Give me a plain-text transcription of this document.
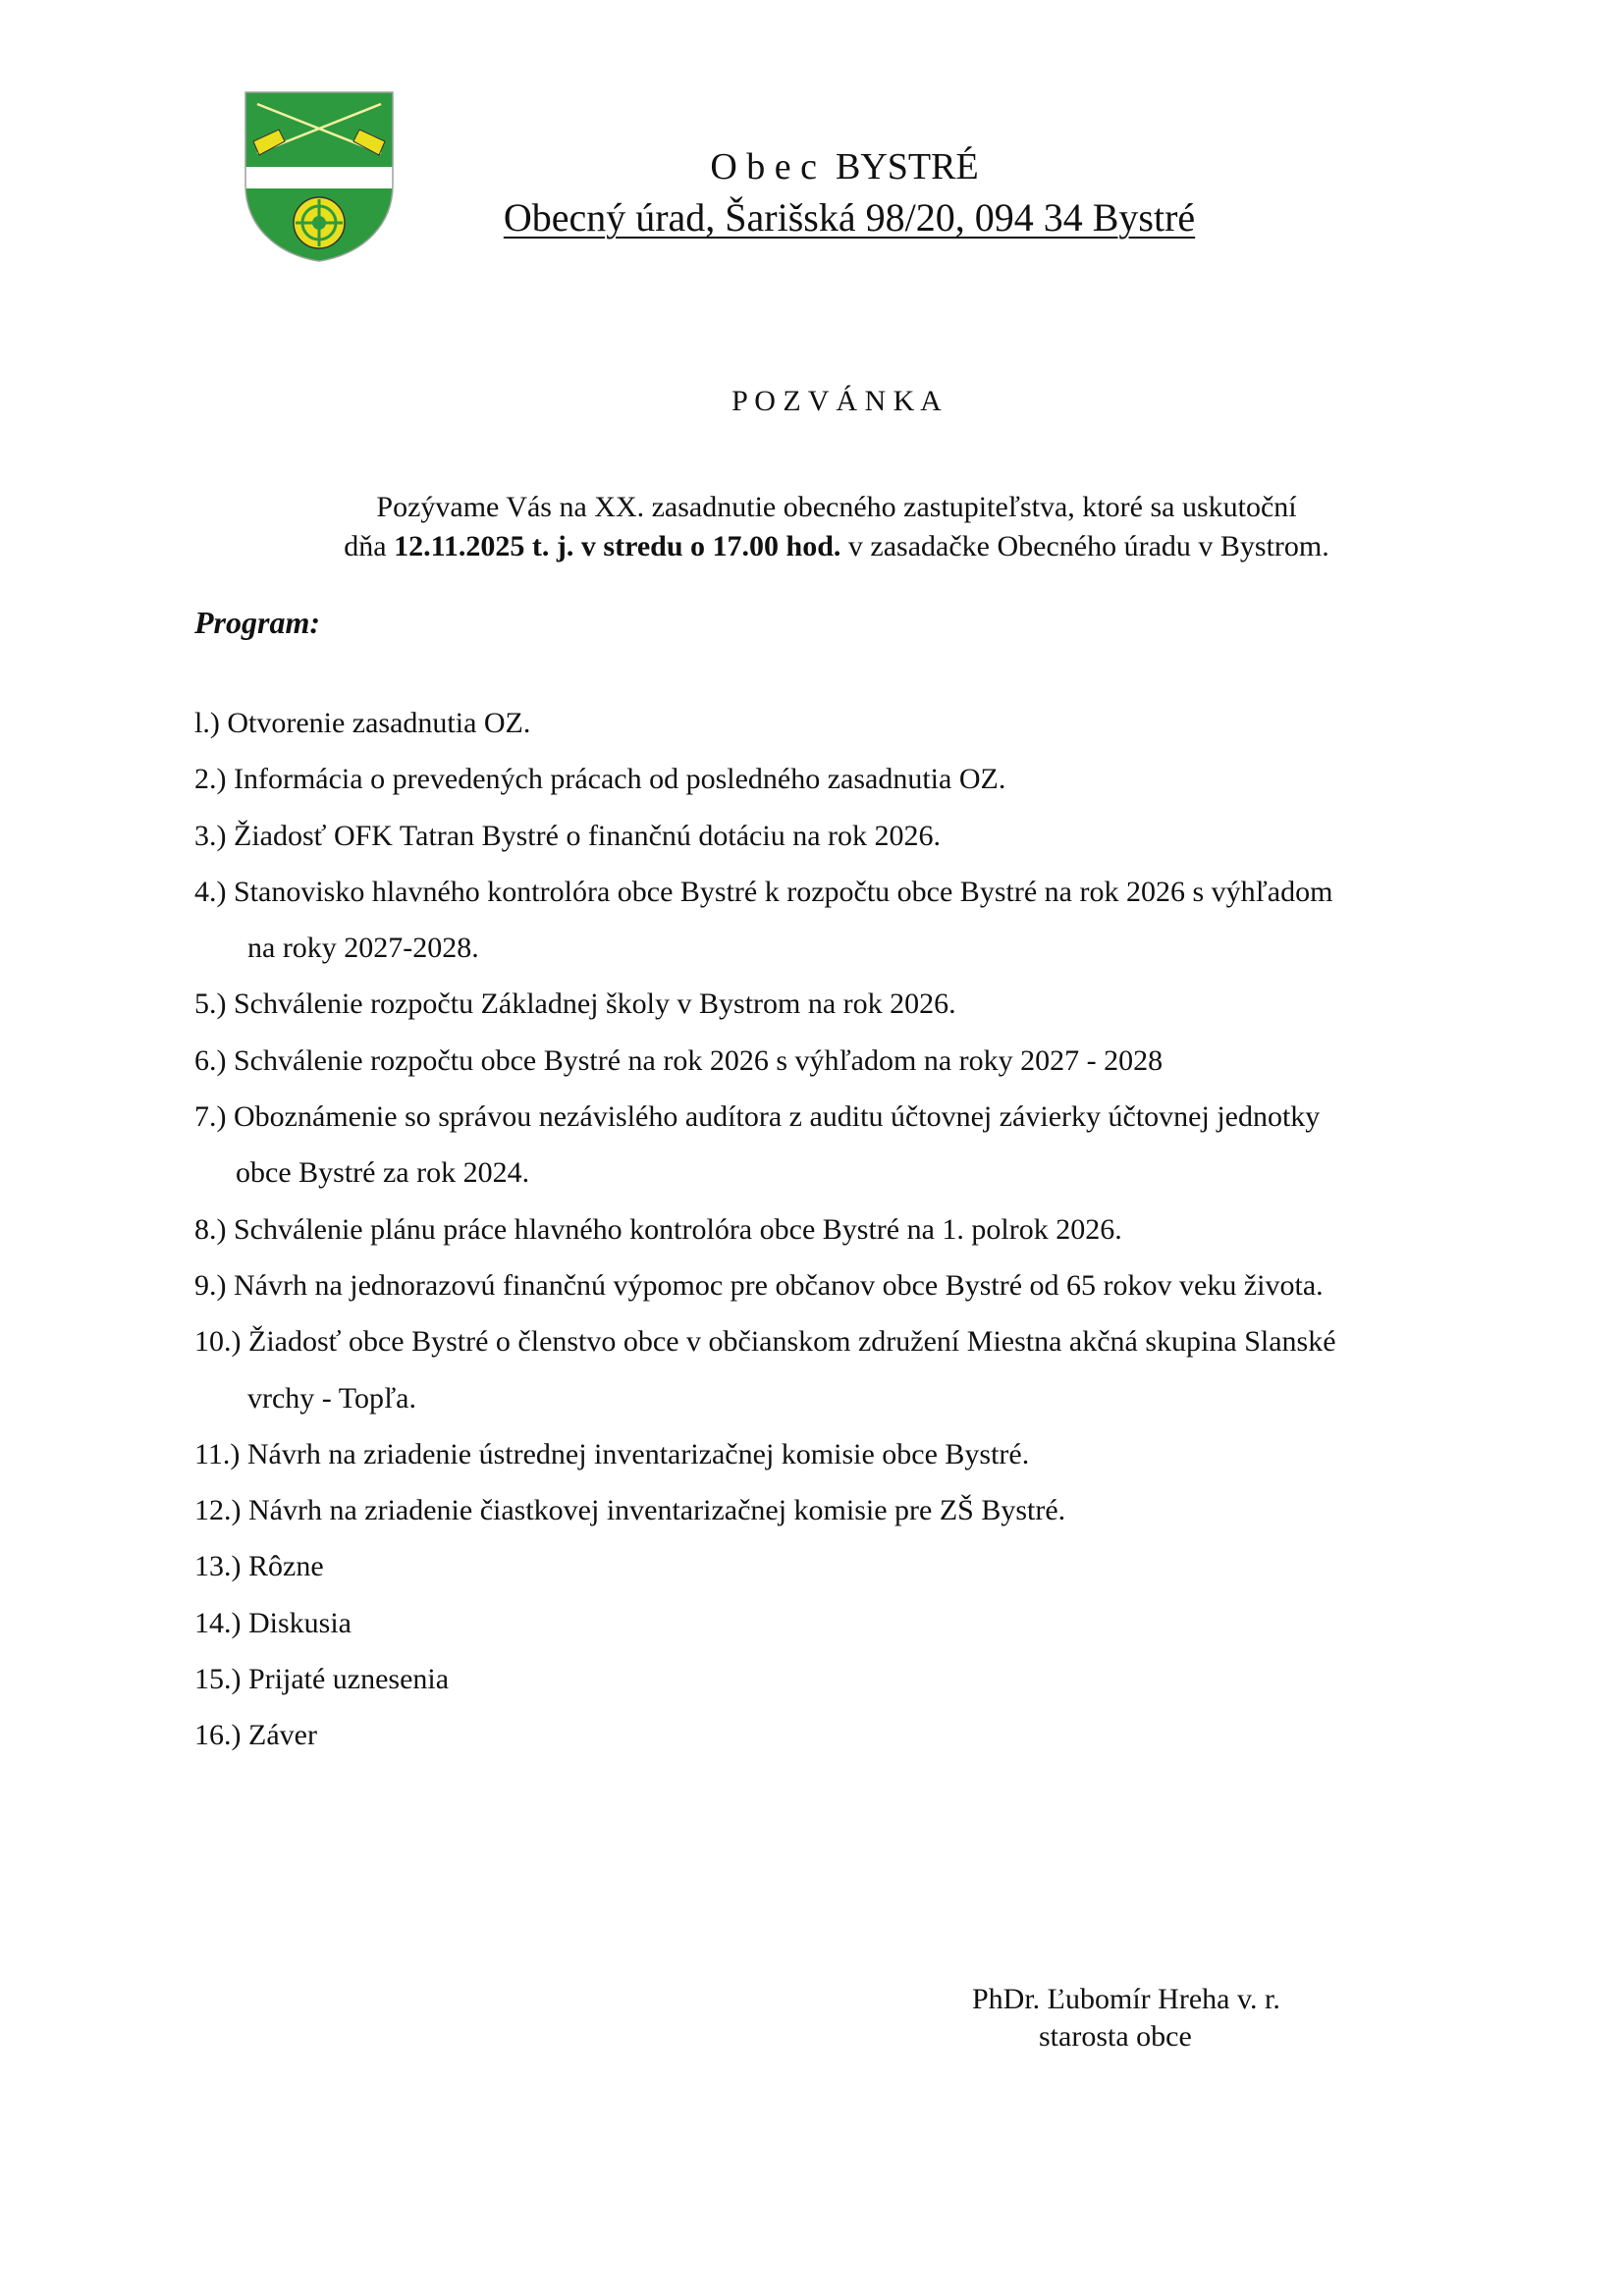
O b e c  BYSTRÉ
Obecný úrad, Šarišská 98/20, 094 34 Bystré
P O Z V Á N K A
Pozývame Vás na XX. zasadnutie obecného zastupiteľstva, ktoré sa uskutoční
dňa 12.11.2025 t. j. v stredu o 17.00 hod. v zasadačke Obecného úradu v Bystrom.
Program:
l.) Otvorenie zasadnutia OZ.
2.) Informácia o prevedených prácach od posledného zasadnutia OZ.
3.) Žiadosť OFK Tatran Bystré o finančnú dotáciu na rok 2026.
4.) Stanovisko hlavného kontrolóra obce Bystré k rozpočtu obce Bystré na rok 2026 s výhľadom
na roky 2027-2028.
5.) Schválenie rozpočtu Základnej školy v Bystrom na rok 2026.
6.) Schválenie rozpočtu obce Bystré na rok 2026 s výhľadom na roky 2027 - 2028
7.) Oboznámenie so správou nezávislého audítora z auditu účtovnej závierky účtovnej jednotky
obce Bystré za rok 2024.
8.) Schválenie plánu práce hlavného kontrolóra obce Bystré na 1. polrok 2026.
9.) Návrh na jednorazovú finančnú výpomoc pre občanov obce Bystré od 65 rokov veku života.
10.) Žiadosť obce Bystré o členstvo obce v občianskom združení Miestna akčná skupina Slanské
vrchy - Topľa.
11.) Návrh na zriadenie ústrednej inventarizačnej komisie obce Bystré.
12.) Návrh na zriadenie čiastkovej inventarizačnej komisie pre ZŠ Bystré.
13.) Rôzne
14.) Diskusia
15.) Prijaté uznesenia
16.) Záver
PhDr. Ľubomír Hreha v. r.
starosta obce
